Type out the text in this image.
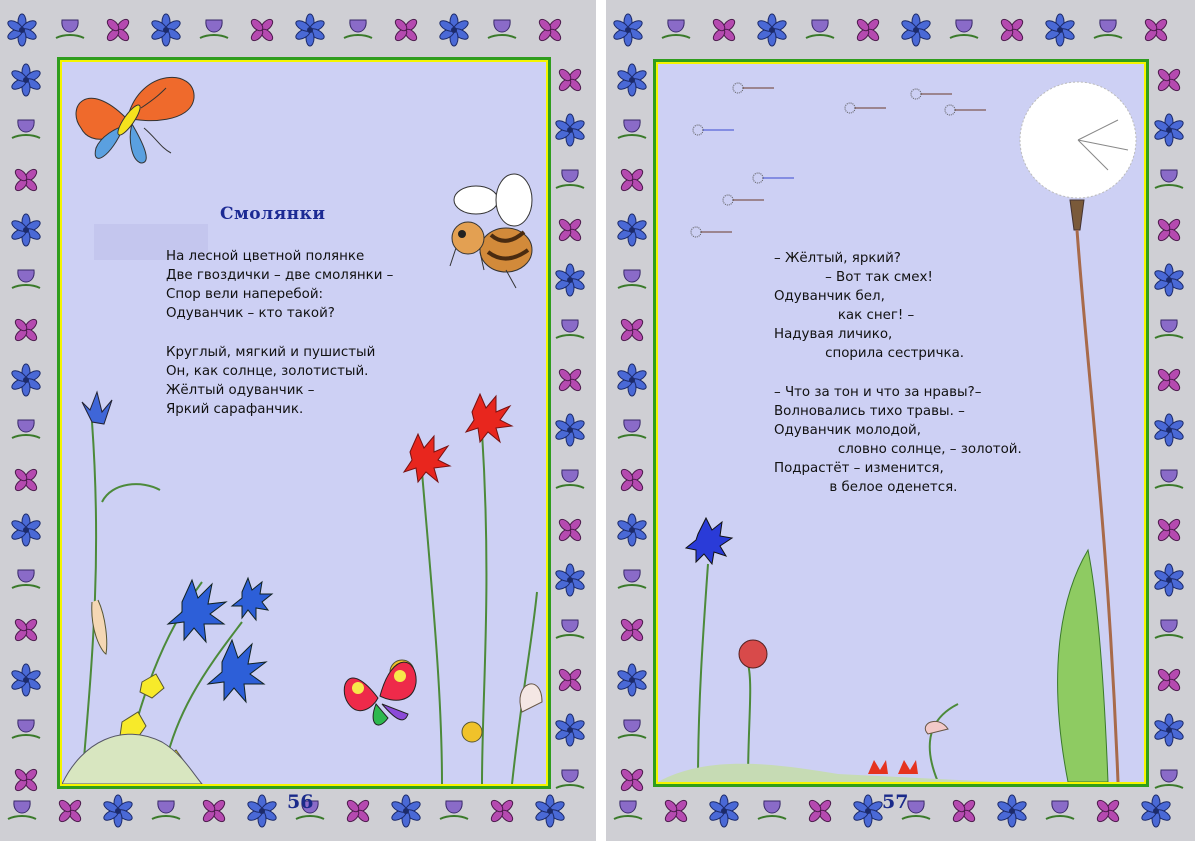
Смолянки
На лесной цветной полянке
Две гвоздички – две смолянки –
Спор вели наперебой:
Одуванчик – кто такой?
Круглый, мягкий и пушистый
Он, как солнце, золотистый.
Жёлтый одуванчик –
Яркий сарафанчик.
56
– Жёлтый, яркий?
– Вот так смех!
Одуванчик бел,
как снег! –
Надувая личико,
спорила сестричка.
– Что за тон и что за нравы?–
Волновались тихо травы. –
Одуванчик молодой,
словно солнце, – золотой.
Подрастёт – изменится,
в белое оденется.
57
